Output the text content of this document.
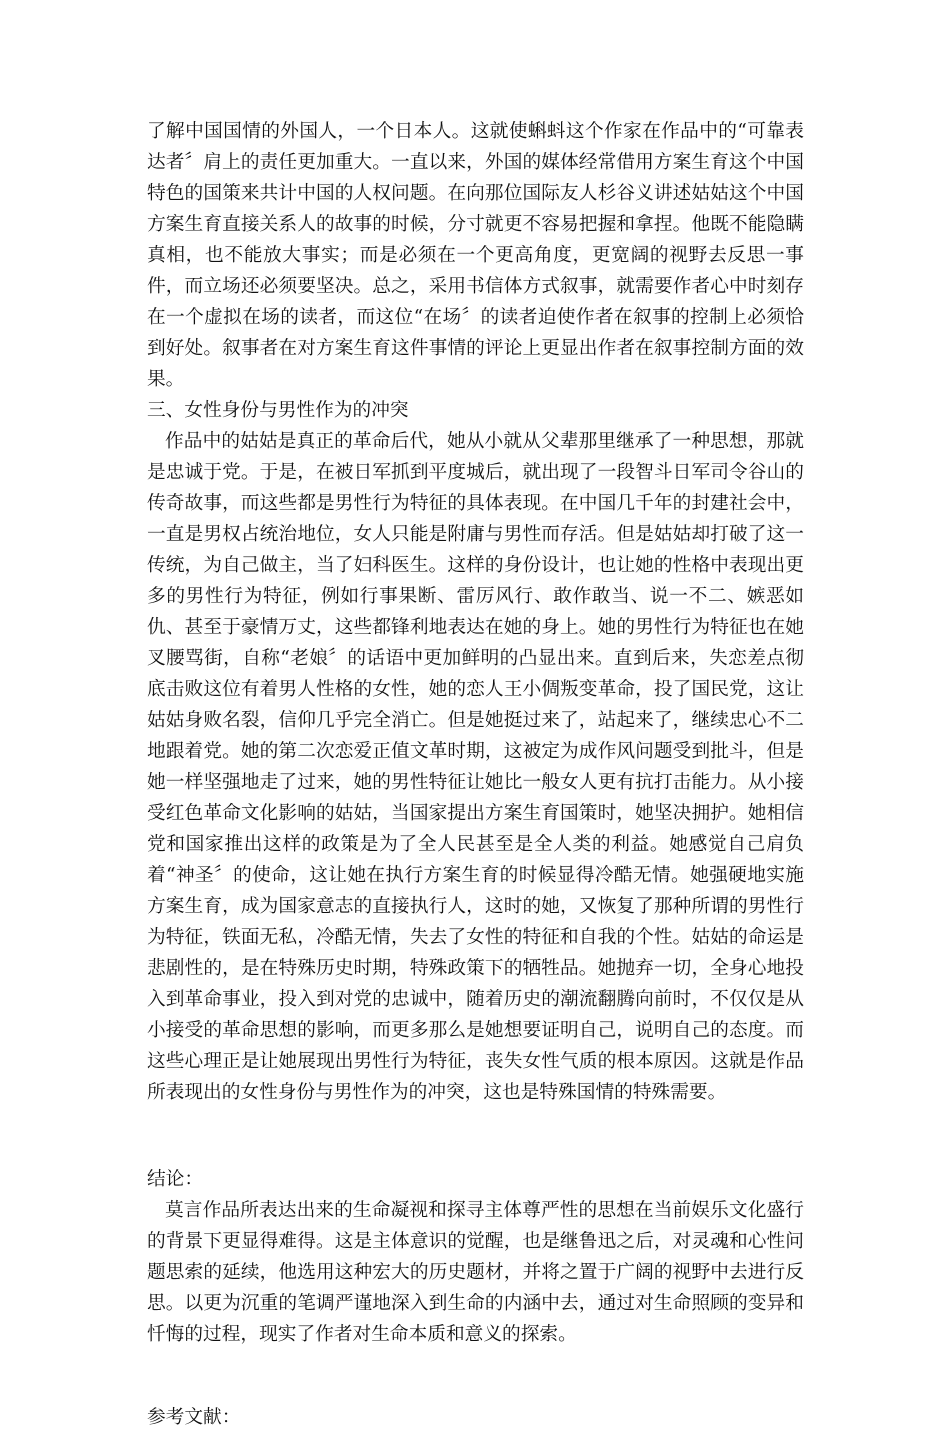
了解中国国情的外国人，一个日本人。这就使蝌蚪这个作家在作品中的“可靠表达者〞肩上的责任更加重大。一直以来，外国的媒体经常借用方案生育这个中国特色的国策来共计中国的人权问题。在向那位国际友人杉谷义讲述姑姑这个中国方案生育直接关系人的故事的时候，分寸就更不容易把握和拿捏。他既不能隐瞒真相，也不能放大事实；而是必须在一个更高角度，更宽阔的视野去反思一事件，而立场还必须要坚决。总之，采用书信体方式叙事，就需要作者心中时刻存在一个虚拟在场的读者，而这位“在场〞的读者迫使作者在叙事的控制上必须恰到好处。叙事者在对方案生育这件事情的评论上更显出作者在叙事控制方面的效果。

三、女性身份与男性作为的冲突

作品中的姑姑是真正的革命后代，她从小就从父辈那里继承了一种思想，那就是忠诚于党。于是，在被日军抓到平度城后，就出现了一段智斗日军司令谷山的传奇故事，而这些都是男性行为特征的具体表现。在中国几千年的封建社会中，一直是男权占统治地位，女人只能是附庸与男性而存活。但是姑姑却打破了这一传统，为自己做主，当了妇科医生。这样的身份设计，也让她的性格中表现出更多的男性行为特征，例如行事果断、雷厉风行、敢作敢当、说一不二、嫉恶如仇、甚至于豪情万丈，这些都锋利地表达在她的身上。她的男性行为特征也在她叉腰骂街，自称“老娘〞的话语中更加鲜明的凸显出来。直到后来，失恋差点彻底击败这位有着男人性格的女性，她的恋人王小倜叛变革命，投了国民党，这让姑姑身败名裂，信仰几乎完全消亡。但是她挺过来了，站起来了，继续忠心不二地跟着党。她的第二次恋爱正值文革时期，这被定为成作风问题受到批斗，但是她一样坚强地走了过来，她的男性特征让她比一般女人更有抗打击能力。从小接受红色革命文化影响的姑姑，当国家提出方案生育国策时，她坚决拥护。她相信党和国家推出这样的政策是为了全人民甚至是全人类的利益。她感觉自己肩负着“神圣〞的使命，这让她在执行方案生育的时候显得冷酷无情。她强硬地实施方案生育，成为国家意志的直接执行人，这时的她，又恢复了那种所谓的男性行为特征，铁面无私，冷酷无情，失去了女性的特征和自我的个性。姑姑的命运是悲剧性的，是在特殊历史时期，特殊政策下的牺牲品。她抛弃一切，全身心地投入到革命事业，投入到对党的忠诚中，随着历史的潮流翻腾向前时，不仅仅是从小接受的革命思想的影响，而更多那么是她想要证明自己，说明自己的态度。而这些心理正是让她展现出男性行为特征，丧失女性气质的根本原因。这就是作品所表现出的女性身份与男性作为的冲突，这也是特殊国情的特殊需要。

结论：

莫言作品所表达出来的生命凝视和探寻主体尊严性的思想在当前娱乐文化盛行的背景下更显得难得。这是主体意识的觉醒，也是继鲁迅之后，对灵魂和心性问题思索的延续，他选用这种宏大的历史题材，并将之置于广阔的视野中去进行反思。以更为沉重的笔调严谨地深入到生命的内涵中去，通过对生命照顾的变异和忏悔的过程，现实了作者对生命本质和意义的探索。

参考文献：
